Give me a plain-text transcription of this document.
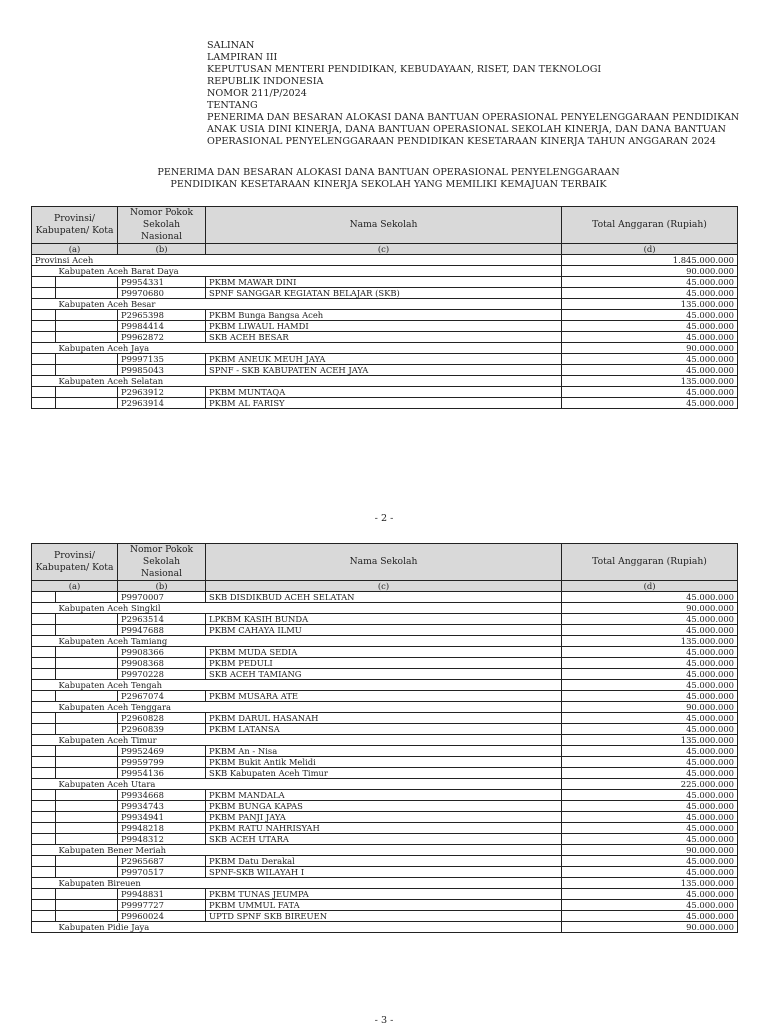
SALINAN
LAMPIRAN III
KEPUTUSAN MENTERI PENDIDIKAN, KEBUDAYAAN, RISET, DAN TEKNOLOGI
REPUBLIK INDONESIA
NOMOR 211/P/2024
TENTANG
PENERIMA DAN BESARAN ALOKASI DANA BANTUAN OPERASIONAL PENYELENGGARAAN PENDIDIKAN
ANAK USIA DINI KINERJA, DANA BANTUAN OPERASIONAL SEKOLAH KINERJA, DAN DANA BANTUAN
OPERASIONAL PENYELENGGARAAN PENDIDIKAN KESETARAAN KINERJA TAHUN ANGGARAN 2024
PENERIMA DAN BESARAN ALOKASI DANA BANTUAN OPERASIONAL PENYELENGGARAAN
PENDIDIKAN KESETARAAN KINERJA SEKOLAH YANG MEMILIKI KEMAJUAN TERBAIK
Provinsi/ Kabupaten/ Kota		Nomor Pokok Sekolah Nasional	Nama Sekolah	Total Anggaran (Rupiah)
(a)		(b)	(c)	(d)
Provinsi Aceh				1.845.000.000
	Kabupaten Aceh Barat Daya			90.000.000
		P9954331	PKBM MAWAR DINI	45.000.000
		P9970680	SPNF SANGGAR KEGIATAN BELAJAR (SKB)	45.000.000
	Kabupaten Aceh Besar			135.000.000
		P2965398	PKBM Bunga Bangsa Aceh	45.000.000
		P9984414	PKBM LIWAUL HAMDI	45.000.000
		P9962872	SKB ACEH BESAR	45.000.000
	Kabupaten Aceh Jaya			90.000.000
		P9997135	PKBM ANEUK MEUH JAYA	45.000.000
		P9985043	SPNF - SKB KABUPATEN ACEH JAYA	45.000.000
	Kabupaten Aceh Selatan			135.000.000
		P2963912	PKBM MUNTAQA	45.000.000
		P2963914	PKBM AL FARISY	45.000.000
- 2 -
Provinsi/ Kabupaten/ Kota		Nomor Pokok Sekolah Nasional	Nama Sekolah	Total Anggaran (Rupiah)
(a)		(b)	(c)	(d)
		P9970007	SKB DISDIKBUD ACEH SELATAN	45.000.000
	Kabupaten Aceh Singkil			90.000.000
		P2963514	LPKBM KASIH BUNDA	45.000.000
		P9947688	PKBM CAHAYA ILMU	45.000.000
	Kabupaten Aceh Tamiang			135.000.000
		P9908366	PKBM MUDA SEDIA	45.000.000
		P9908368	PKBM PEDULI	45.000.000
		P9970228	SKB ACEH TAMIANG	45.000.000
	Kabupaten Aceh Tengah			45.000.000
		P2967074	PKBM MUSARA ATE	45.000.000
	Kabupaten Aceh Tenggara			90.000.000
		P2960828	PKBM DARUL HASANAH	45.000.000
		P2960839	PKBM LATANSA	45.000.000
	Kabupaten Aceh Timur			135.000.000
		P9952469	PKBM An - Nisa	45.000.000
		P9959799	PKBM Bukit Antik Melidi	45.000.000
		P9954136	SKB Kabupaten Aceh Timur	45.000.000
	Kabupaten Aceh Utara			225.000.000
		P9934668	PKBM MANDALA	45.000.000
		P9934743	PKBM BUNGA KAPAS	45.000.000
		P9934941	PKBM PANJI JAYA	45.000.000
		P9948218	PKBM RATU NAHRISYAH	45.000.000
		P9948312	SKB ACEH UTARA	45.000.000
	Kabupaten Bener Meriah			90.000.000
		P2965687	PKBM Datu Derakal	45.000.000
		P9970517	SPNF-SKB WILAYAH I	45.000.000
	Kabupaten Bireuen			135.000.000
		P9948831	PKBM TUNAS JEUMPA	45.000.000
		P9997727	PKBM UMMUL FATA	45.000.000
		P9960024	UPTD SPNF SKB BIREUEN	45.000.000
	Kabupaten Pidie Jaya			90.000.000
- 3 -
